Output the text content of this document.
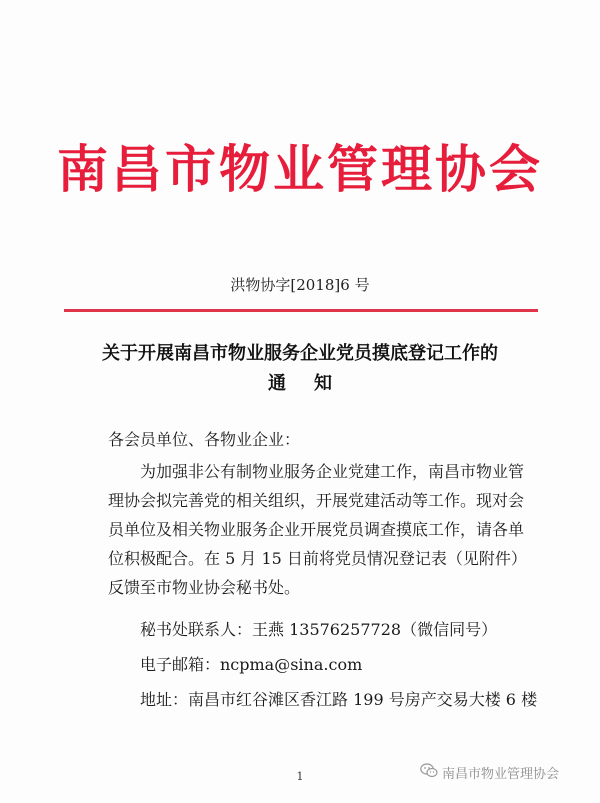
南昌市物业管理协会
洪物协字[2018]6 号
关于开展南昌市物业服务企业党员摸底登记工作的
通知

各会员单位、各物业企业：

为加强非公有制物业服务企业党建工作，南昌市物业管

理协会拟完善党的相关组织，开展党建活动等工作。现对会

员单位及相关物业服务企业开展党员调查摸底工作，请各单

位积极配合。在 5 月 15 日前将党员情况登记表（见附件）

反馈至市物业协会秘书处。

秘书处联系人：王燕 13576257728（微信同号）

电子邮箱：ncpma@sina.com

地址：南昌市红谷滩区香江路 199 号房产交易大楼 6 楼

1	南昌市物业管理协会
